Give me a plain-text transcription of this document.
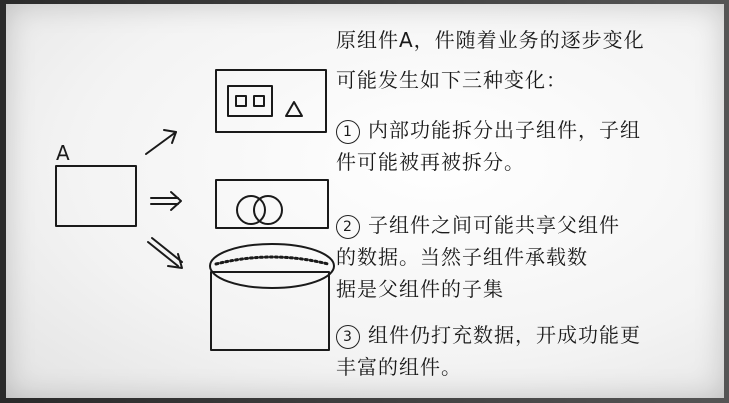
A
原组件A，件随着业务的逐步变化
可能发生如下三种变化：
1 内部功能拆分出子组件，子组
件可能被再被拆分。
2 子组件之间可能共享父组件
的数据。当然子组件承载数
据是父组件的子集
3 组件仍打充数据，开成功能更
丰富的组件。
